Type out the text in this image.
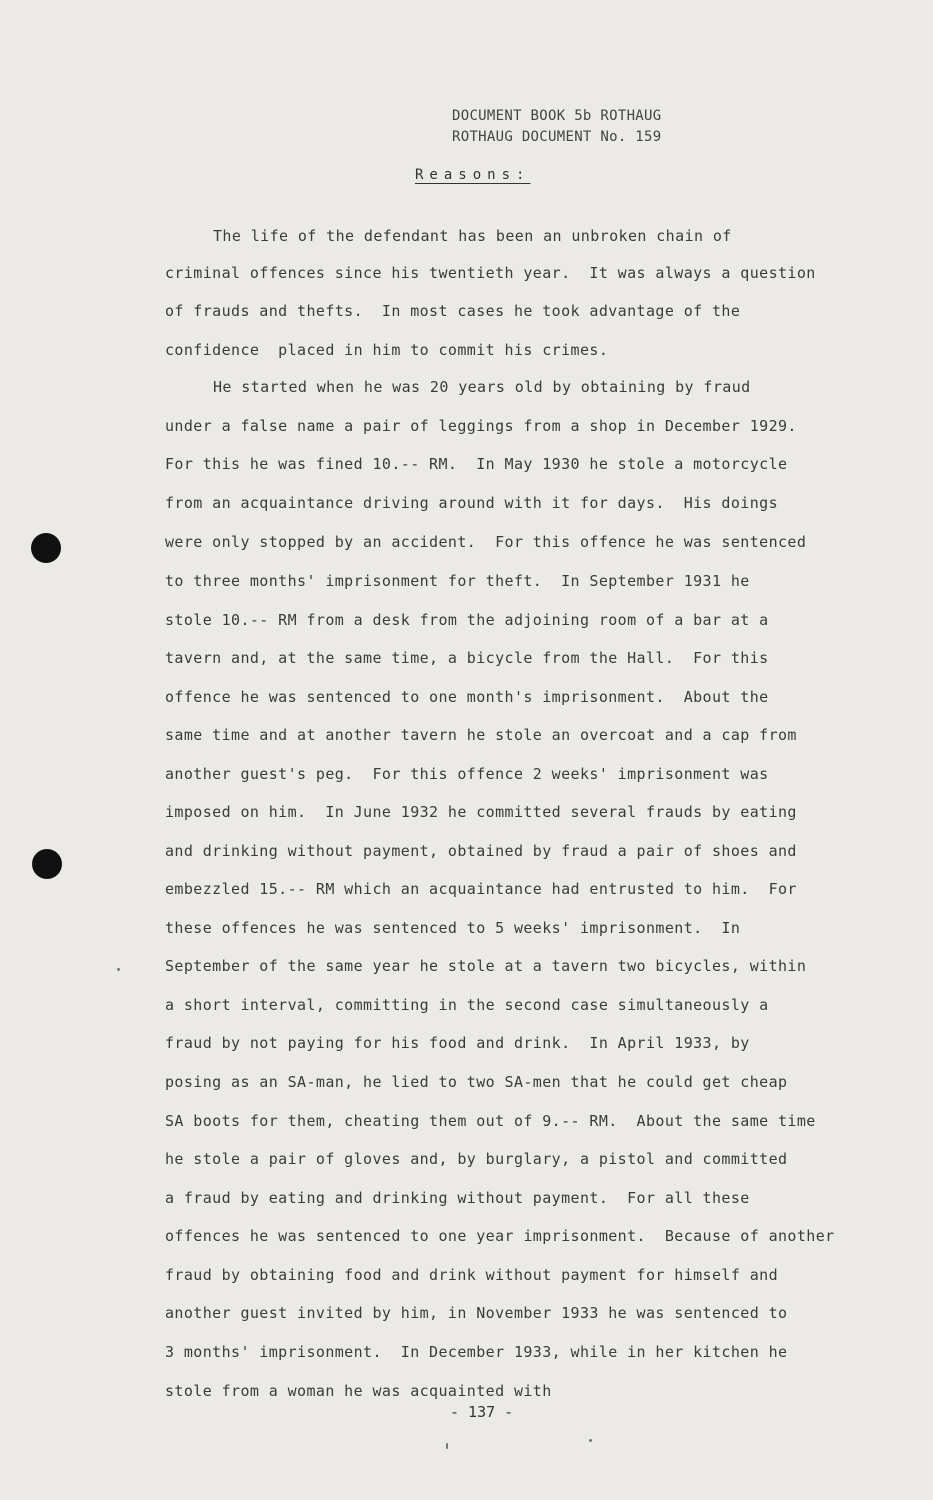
DOCUMENT BOOK 5b ROTHAUG
ROTHAUG DOCUMENT No. 159
Reasons:
The life of the defendant has been an unbroken chain of
criminal offences since his twentieth year.  It was always a question
of frauds and thefts.  In most cases he took advantage of the
confidence  placed in him to commit his crimes.
He started when he was 20 years old by obtaining by fraud
under a false name a pair of leggings from a shop in December 1929.
For this he was fined 10.-- RM.  In May 1930 he stole a motorcycle
from an acquaintance driving around with it for days.  His doings
were only stopped by an accident.  For this offence he was sentenced
to three months' imprisonment for theft.  In September 1931 he
stole 10.-- RM from a desk from the adjoining room of a bar at a
tavern and, at the same time, a bicycle from the Hall.  For this
offence he was sentenced to one month's imprisonment.  About the
same time and at another tavern he stole an overcoat and a cap from
another guest's peg.  For this offence 2 weeks' imprisonment was
imposed on him.  In June 1932 he committed several frauds by eating
and drinking without payment, obtained by fraud a pair of shoes and
embezzled 15.-- RM which an acquaintance had entrusted to him.  For
these offences he was sentenced to 5 weeks' imprisonment.  In
September of the same year he stole at a tavern two bicycles, within
a short interval, committing in the second case simultaneously a
fraud by not paying for his food and drink.  In April 1933, by
posing as an SA-man, he lied to two SA-men that he could get cheap
SA boots for them, cheating them out of 9.-- RM.  About the same time
he stole a pair of gloves and, by burglary, a pistol and committed
a fraud by eating and drinking without payment.  For all these
offences he was sentenced to one year imprisonment.  Because of another
fraud by obtaining food and drink without payment for himself and
another guest invited by him, in November 1933 he was sentenced to
3 months' imprisonment.  In December 1933, while in her kitchen he
stole from a woman he was acquainted with
- 137 -
